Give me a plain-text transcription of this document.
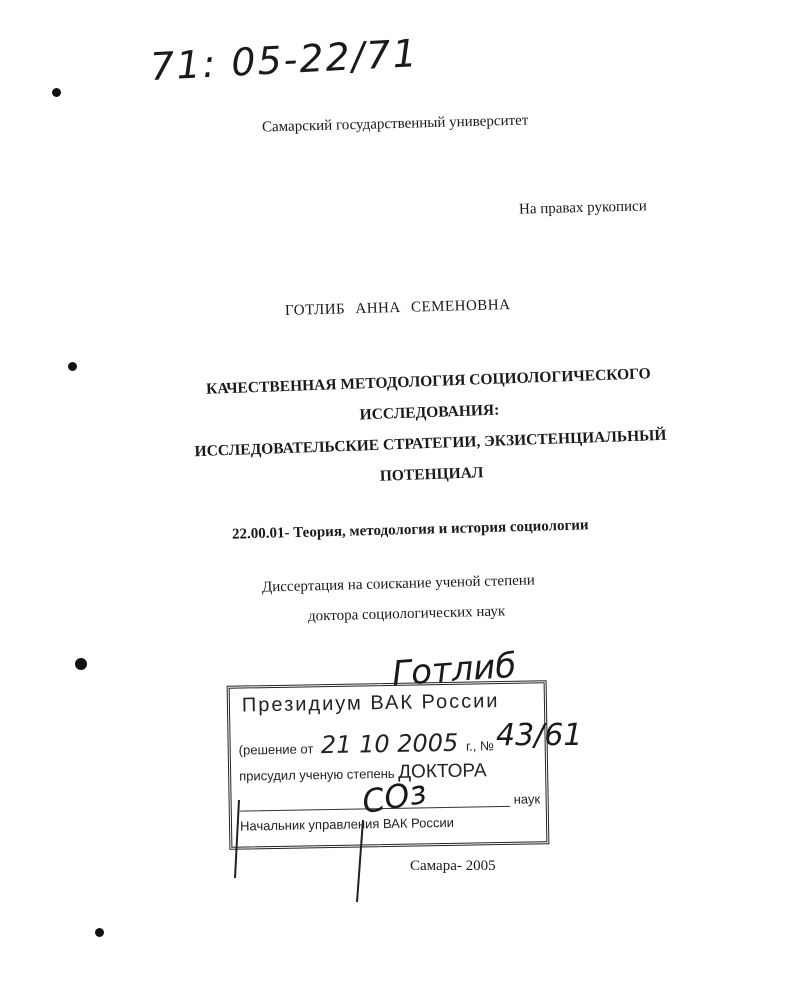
71: 05-22/71
Самарский государственный университет
На правах рукописи
ГОТЛИБ АННА СЕМЕНОВНА
КАЧЕСТВЕННАЯ МЕТОДОЛОГИЯ СОЦИОЛОГИЧЕСКОГО
ИССЛЕДОВАНИЯ:
ИССЛЕДОВАТЕЛЬСКИЕ СТРАТЕГИИ, ЭКЗИСТЕНЦИАЛЬНЫЙ
ПОТЕНЦИАЛ
22.00.01- Теория, методология и история социологии
Диссертация на соискание ученой степени
доктора социологических наук
Готлиб
Президиум ВАК России
(решение от 21 10 2005 г., №
присудил ученую степень ДОКТОРА
наук
Начальник управления ВАК России
43/61
СОз
Самара- 2005
